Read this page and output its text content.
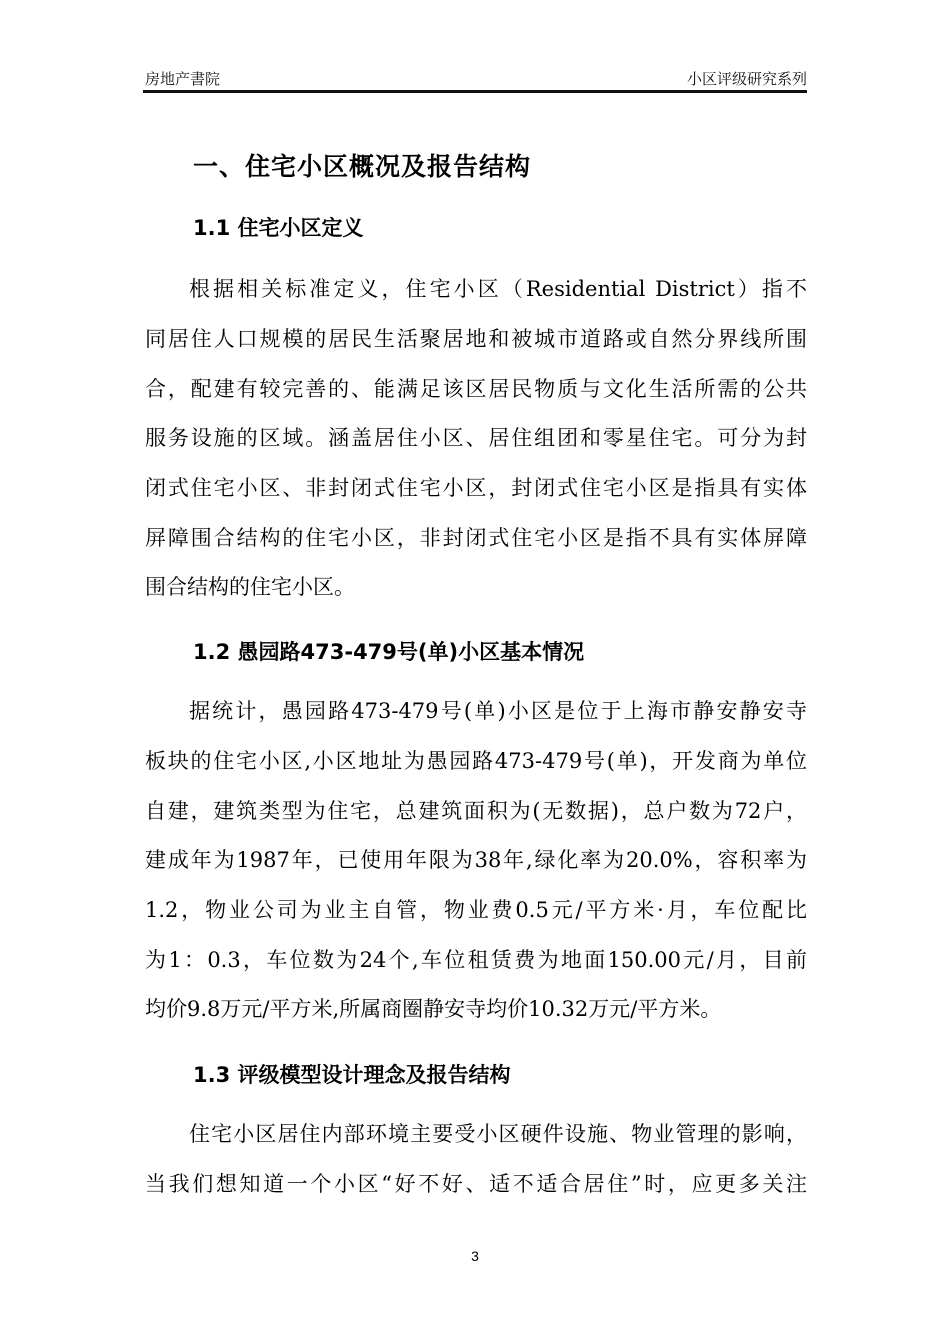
房地产書院	小区评级研究系列
一、住宅小区概况及报告结构
1.1 住宅小区定义
根据相关标准定义，住宅小区（Residential District）指不
同居住人口规模的居民生活聚居地和被城市道路或自然分界线所围
合，配建有较完善的、能满足该区居民物质与文化生活所需的公共
服务设施的区域。涵盖居住小区、居住组团和零星住宅。可分为封
闭式住宅小区、非封闭式住宅小区，封闭式住宅小区是指具有实体
屏障围合结构的住宅小区，非封闭式住宅小区是指不具有实体屏障
围合结构的住宅小区。
1.2 愚园路473-479号(单)小区基本情况
据统计，愚园路473-479号(单)小区是位于上海市静安静安寺
板块的住宅小区,小区地址为愚园路473-479号(单)，开发商为单位
自建，建筑类型为住宅，总建筑面积为(无数据)，总户数为72户，
建成年为1987年，已使用年限为38年,绿化率为20.0%，容积率为
1.2，物业公司为业主自管，物业费0.5元/平方米·月，车位配比
为1：0.3，车位数为24个,车位租赁费为地面150.00元/月，目前
均价9.8万元/平方米,所属商圈静安寺均价10.32万元/平方米。
1.3 评级模型设计理念及报告结构
住宅小区居住内部环境主要受小区硬件设施、物业管理的影响，
当我们想知道一个小区“好不好、适不适合居住”时，应更多关注
3
